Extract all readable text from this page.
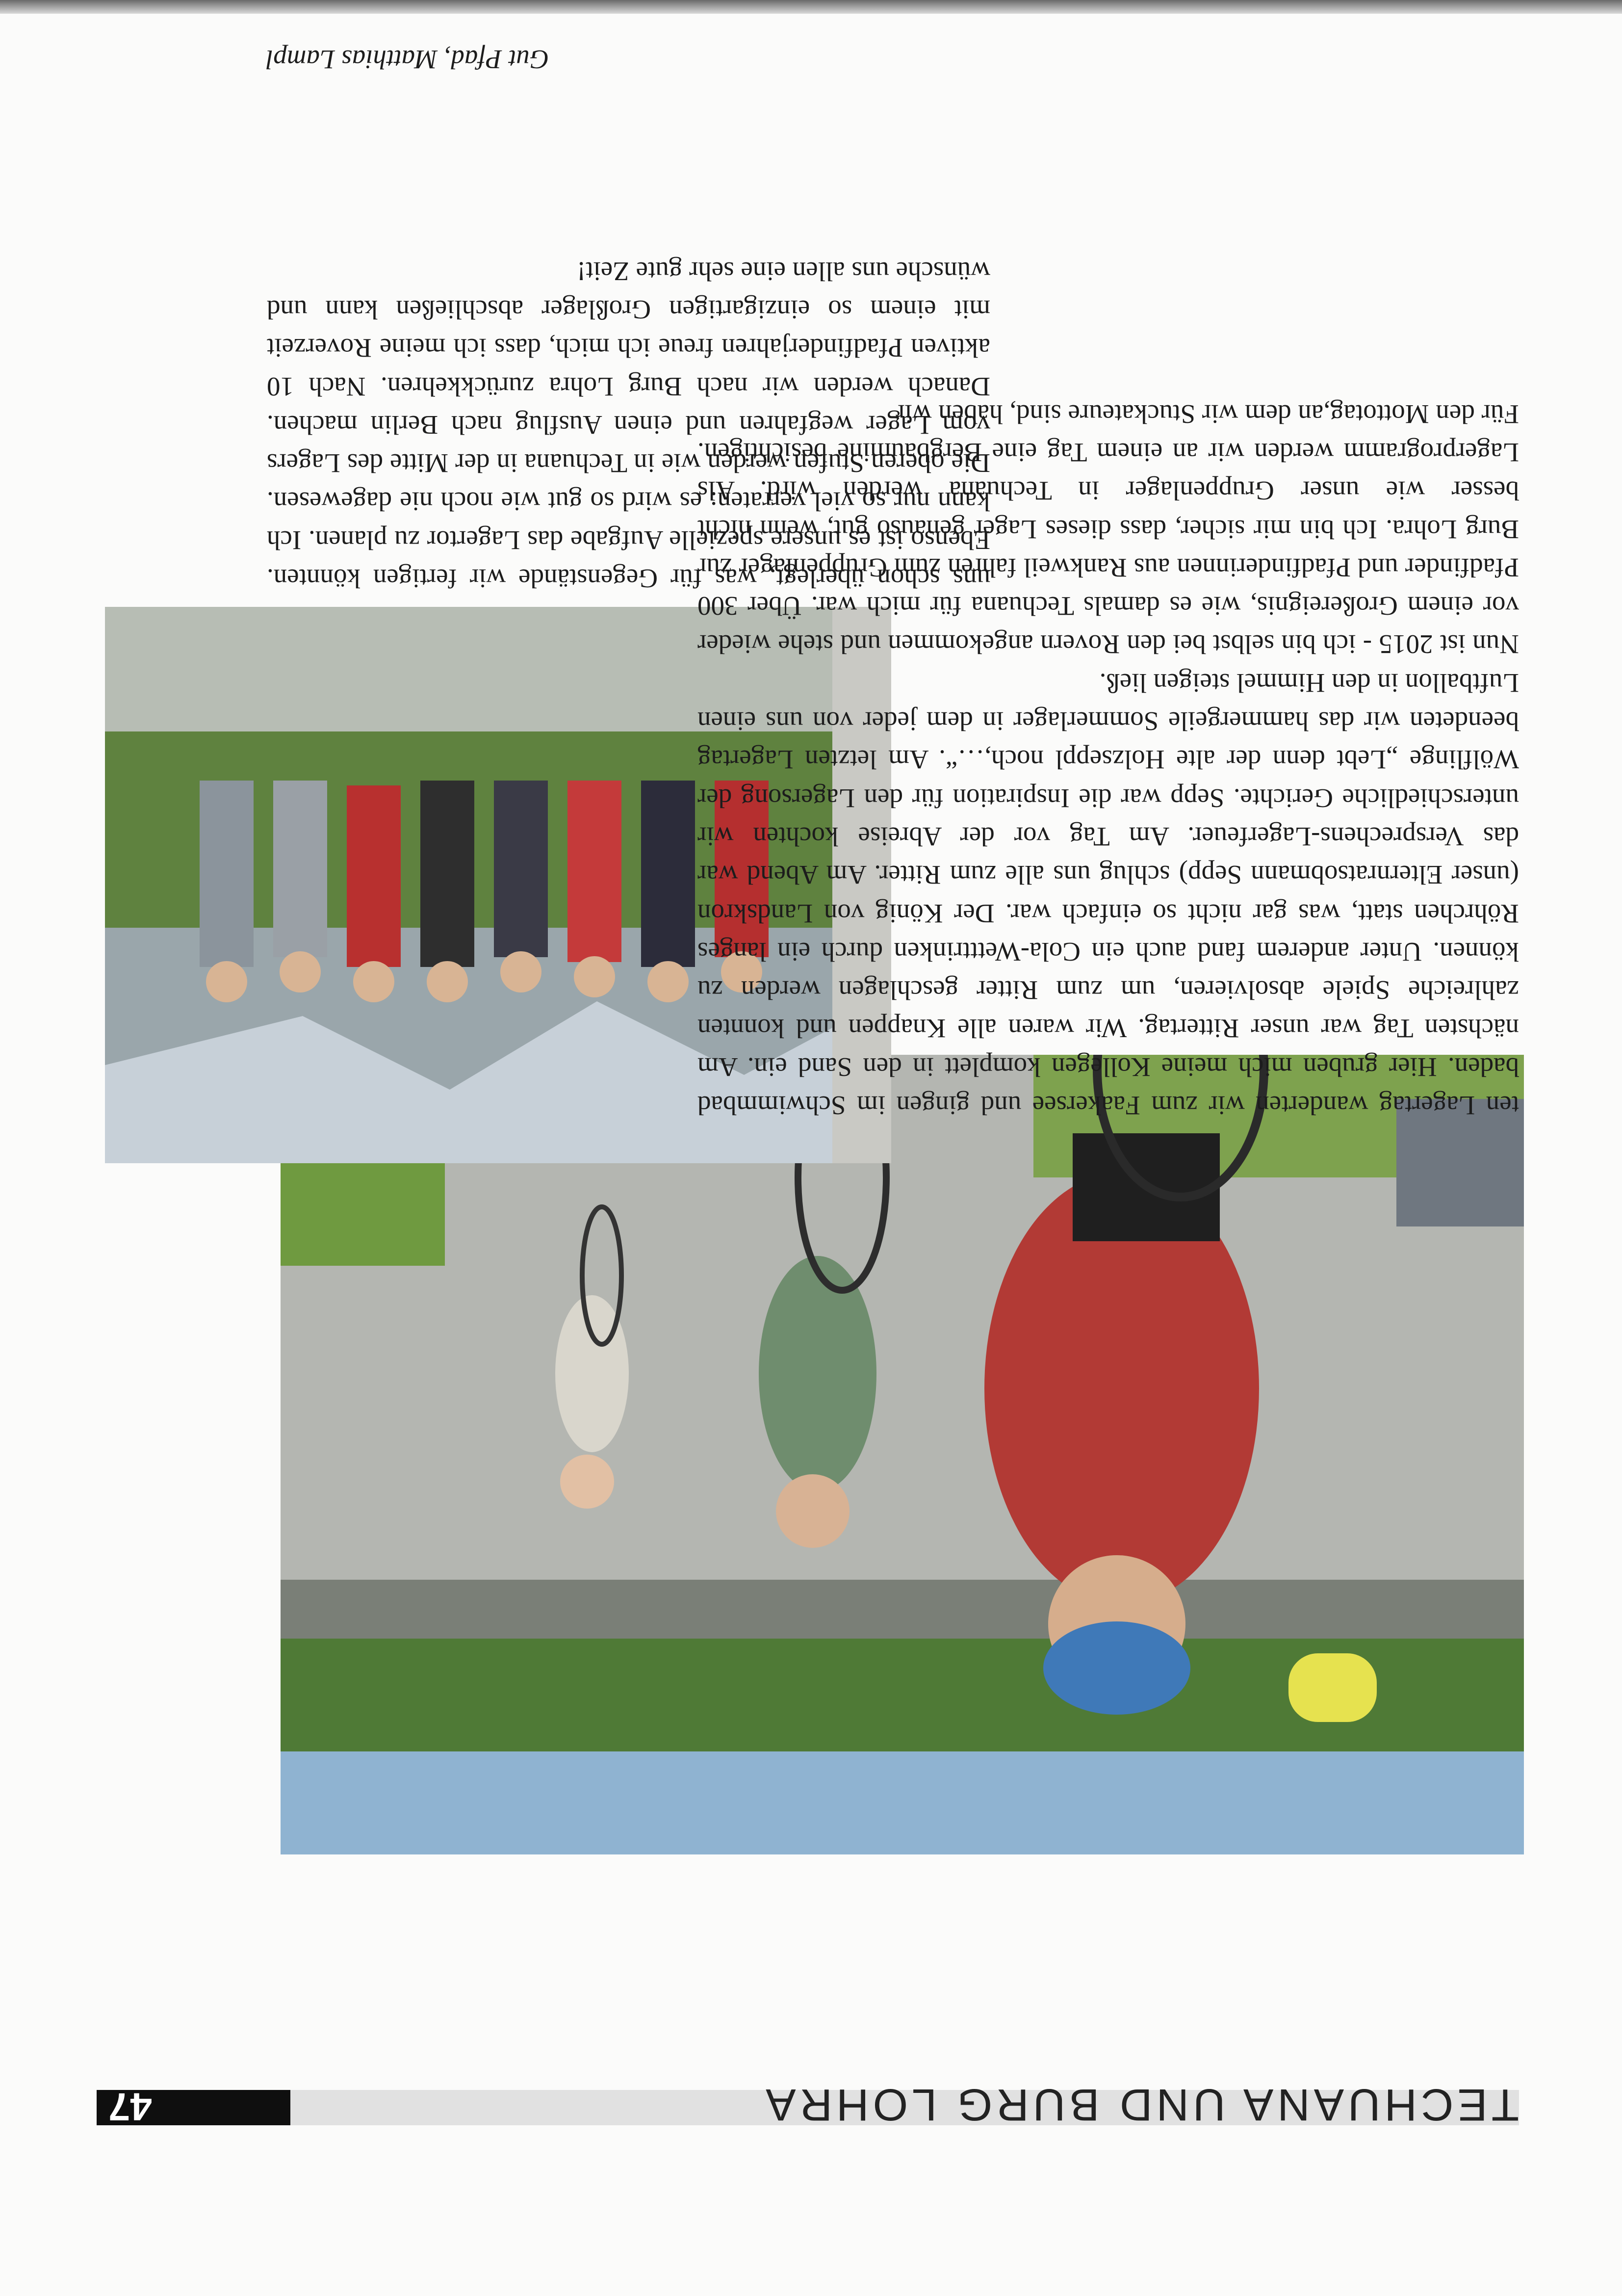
TECHUANA UND BURG LOHRA
47

uns schon überlegt, was für Gegenstände wir fertigen könnten. Ebenso ist es unsere spezielle Aufgabe das Lagertor zu planen. Ich kann nur so viel verraten: es wird so gut wie noch nie dagewesen. Die oberen Stufen werden wie in Techuana in der Mitte des Lagers vom Lager wegfahren und einen Ausflug nach Berlin machen. Danach werden wir nach Burg Lohra zurückkehren. Nach 10 aktiven Pfadfinderjahren freue ich mich, dass ich meine Roverzeit mit einem so einzigartigen Großlager abschließen kann und wünsche uns allen eine sehr gute Zeit!

ten Lagertag wanderten wir zum Faakersee und gingen im Schwimmbad baden. Hier gruben mich meine Kollegen komplett in den Sand ein. Am nächsten Tag war unser Rittertag. Wir waren alle Knappen und konnten zahlreiche Spiele absolvieren, um zum Ritter geschlagen werden zu können. Unter anderem fand auch ein Cola-Wetttrinken durch ein langes Röhrchen statt, was gar nicht so einfach war. Der König von Landskron (unser Elternratsobmann Sepp) schlug uns alle zum Ritter. Am Abend war das Versprechens-Lagerfeuer. Am Tag vor der Abreise kochten wir unterschiedliche Gerichte. Sepp war die Inspiration für den Lagersong der Wölflinge „Lebt denn der alte Holzseppl noch,…“. Am letzten Lagertag beendeten wir das hammergeile Sommerlager in dem jeder von uns einen Luftballon in den Himmel steigen ließ.

Nun ist 2015 - ich bin selbst bei den Rovern angekommen und stehe wieder vor einem Großereignis, wie es damals Techuana für mich war. Über 300 Pfadfinder und Pfadfinderinnen aus Rankweil fahren zum Gruppenlager zur Burg Lohra. Ich bin mir sicher, dass dieses Lager genauso gut, wenn nicht besser wie unser Gruppenlager in Techuana werden wird. Als Lagerprogramm werden wir an einem Tag eine Bergbaumine besichtigen. Für den Mottotag,an dem wir Stuckateure sind, haben wir

Gut Pfad, Matthias Lampl
